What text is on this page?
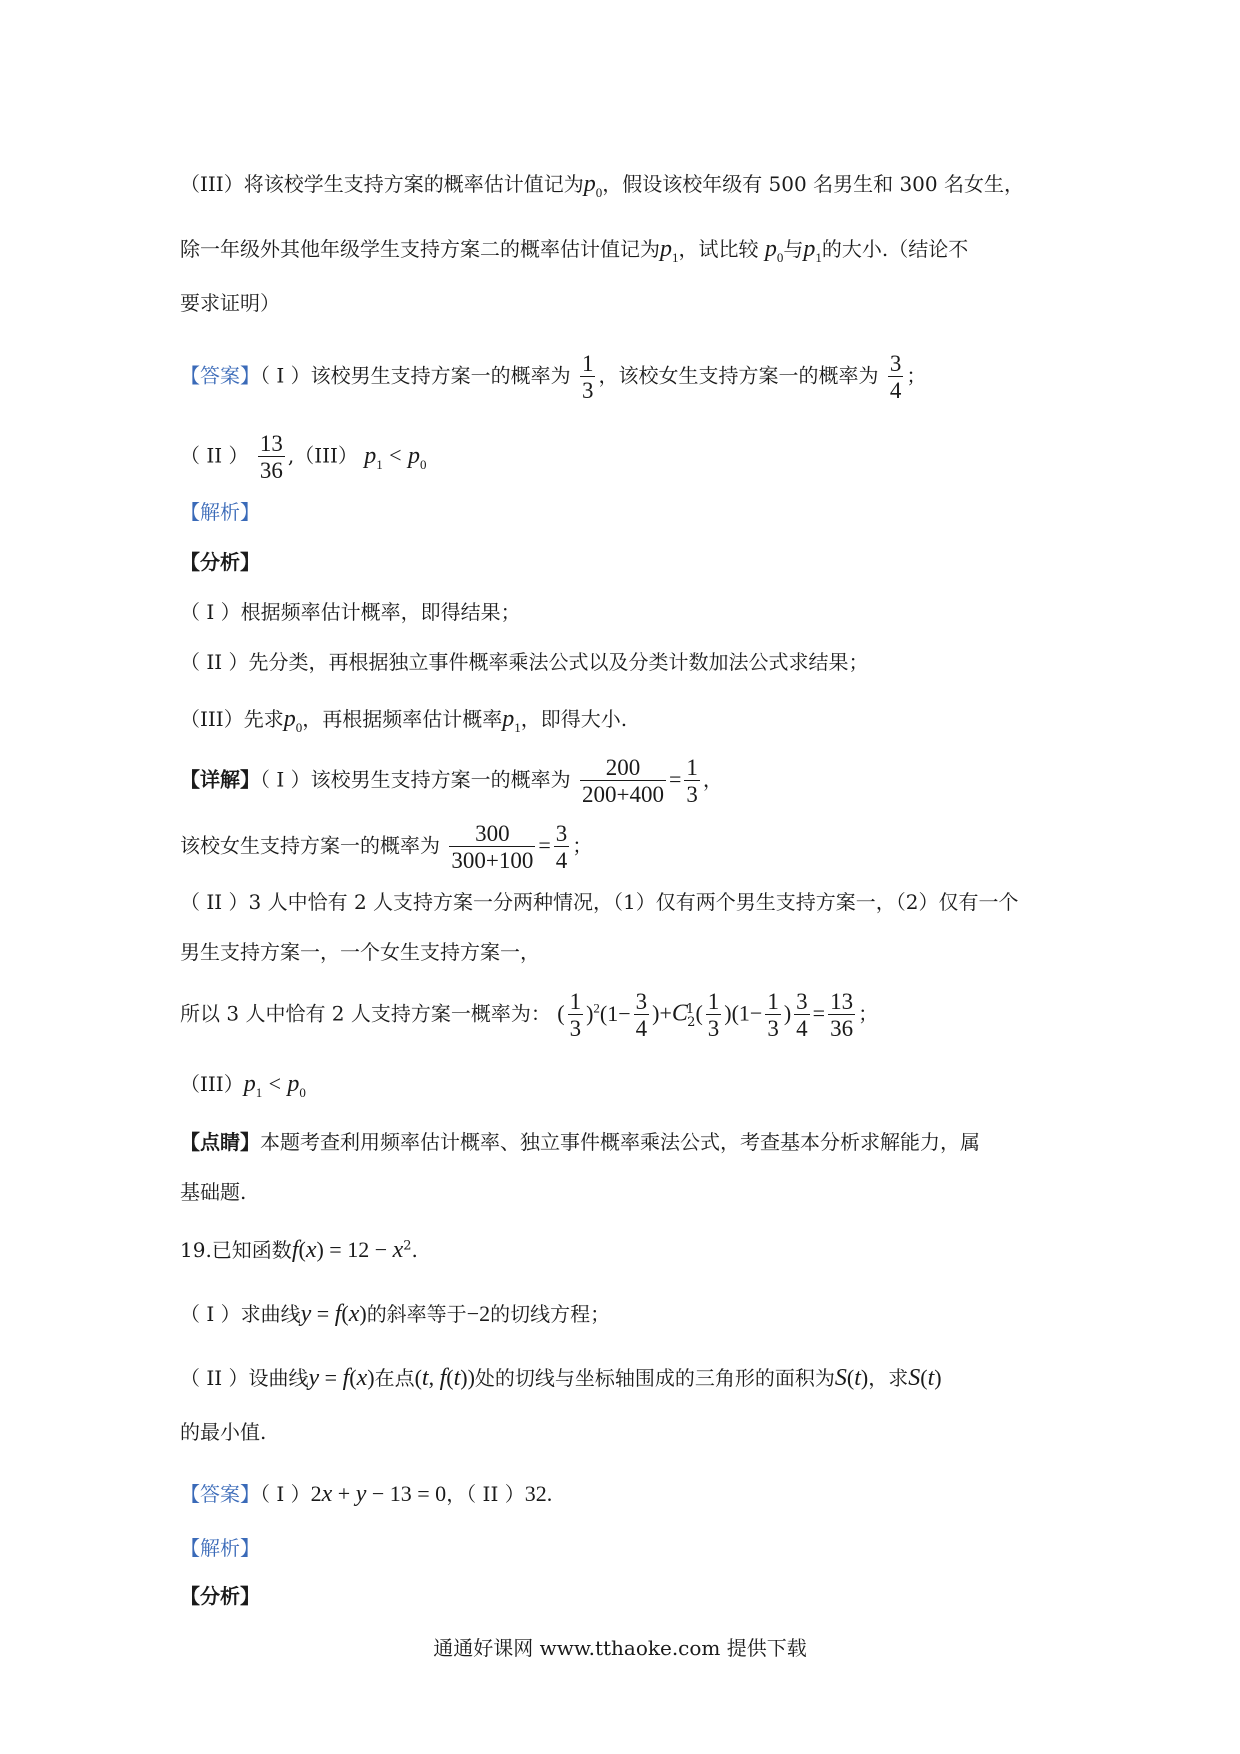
（III）将该校学生支持方案的概率估计值记为$p_0$，假设该校年级有 500 名男生和 300 名女生，
除一年级外其他年级学生支持方案二的概率估计值记为$p_1$，试比较 $p_0$与$p_1$的大小.（结论不
要求证明）
【答案】（ I ）该校男生支持方案一的概率为 $\frac{1}{3}$ ，该校女生支持方案一的概率为 $\frac{3}{4}$ ；
（ II ） $\frac{13}{36} ,(III) p_1 < p_0$
【解析】
【分析】
（ I ）根据频率估计概率，即得结果；
（ II ）先分类，再根据独立事件概率乘法公式以及分类计数加法公式求结果；
（III）先求$p_0$，再根据频率估计概率$p_1$，即得大小.
【详解】（ I ）该校男生支持方案一的概率为 $\frac{200}{200+400} = \frac{1}{3}$ ，
该校女生支持方案一的概率为 $\frac{300}{300+100} = \frac{3}{4}$ ；
（ II ）3 人中恰有 2 人支持方案一分两种情况，（1）仅有两个男生支持方案一，（2）仅有一个
男生支持方案一，一个女生支持方案一，
所以 3 人中恰有 2 人支持方案一概率为： ( $\frac{1}{3} )^2(1- \frac{3}{4} )+C^1_2( \frac{1}{3} )(1- \frac{1}{3}$ ) $\frac{3}{4} = \frac{13}{36}$ ；
$(III)p_1 < p_0$
【点睛】本题考查利用频率估计概率、独立事件概率乘法公式，考查基本分析求解能力，属
基础题.
19.已知函数$f(x) = 12 - x^2$.
（ I ）求曲线y = f(x)的斜率等于−2的切线方程；
（ II ）设曲线y = f(x)在点(t, f(t))处的切线与坐标轴围成的三角形的面积为S(t)，求S(t)
的最小值.
【答案】（ I ）2x + y − 13 = 0，（ II ）32.
【解析】
【分析】
通通好课网 www.tthaoke.com 提供下载
